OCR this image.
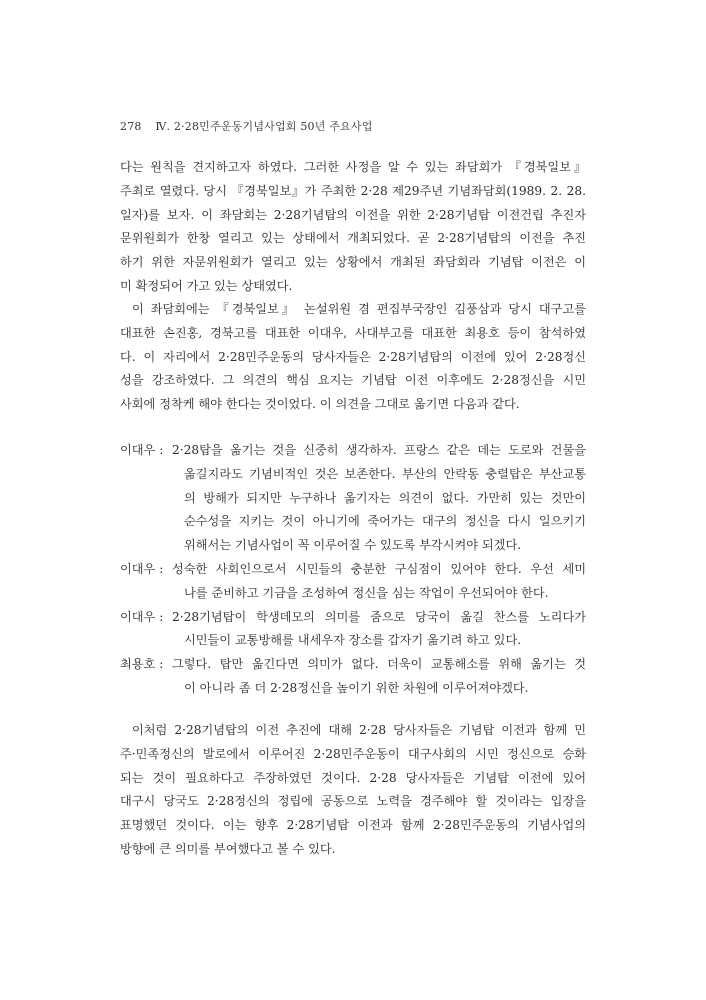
278 Ⅳ. 2·28민주운동기념사업회 50년 주요사업
다는 원칙을 견지하고자 하였다. 그러한 사정을 알 수 있는 좌담회가 『경북일보』
주최로 열렸다. 당시 『경북일보』가 주최한 2·28 제29주년 기념좌담회(1989. 2. 28.
일자)를 보자. 이 좌담회는 2·28기념탑의 이전을 위한 2·28기념탑 이전건립 추진자
문위원회가 한창 열리고 있는 상태에서 개최되었다. 곧 2·28기념탑의 이전을 추진
하기 위한 자문위원회가 열리고 있는 상황에서 개최된 좌담회라 기념탑 이전은 이
미 확정되어 가고 있는 상태였다.
이 좌담회에는 『경북일보』 논설위원 겸 편집부국장인 김풍삼과 당시 대구고를
대표한 손진홍, 경북고를 대표한 이대우, 사대부고를 대표한 최용호 등이 참석하였
다. 이 자리에서 2·28민주운동의 당사자들은 2·28기념탑의 이전에 있어 2·28정신
성을 강조하였다. 그 의견의 핵심 요지는 기념탑 이전 이후에도 2·28정신을 시민
사회에 정착케 해야 한다는 것이었다. 이 의견을 그대로 옮기면 다음과 같다.
이대우 : 2·28탑을 옮기는 것을 신중히 생각하자. 프랑스 같은 데는 도로와 건물을
옮길지라도 기념비적인 것은 보존한다. 부산의 안락동 충렬탑은 부산교통
의 방해가 되지만 누구하나 옮기자는 의견이 없다. 가만히 있는 것만이
순수성을 지키는 것이 아니기에 죽어가는 대구의 정신을 다시 일으키기
위해서는 기념사업이 꼭 이루어질 수 있도록 부각시켜야 되겠다.
이대우 : 성숙한 사회인으로서 시민들의 충분한 구심점이 있어야 한다. 우선 세미
나를 준비하고 기금을 조성하여 정신을 심는 작업이 우선되어야 한다.
이대우 : 2·28기념탑이 학생데모의 의미를 줌으로 당국이 옮길 찬스를 노리다가
시민들이 교통방해를 내세우자 장소를 갑자기 옮기려 하고 있다.
최용호 : 그렇다. 탑만 옮긴다면 의미가 없다. 더욱이 교통해소를 위해 옮기는 것
이 아니라 좀 더 2·28정신을 높이기 위한 차원에 이루어져야겠다.
이처럼 2·28기념탑의 이전 추진에 대해 2·28 당사자들은 기념탑 이전과 함께 민
주·민족정신의 발로에서 이루어진 2·28민주운동이 대구사회의 시민 정신으로 승화
되는 것이 필요하다고 주장하였던 것이다. 2·28 당사자들은 기념탑 이전에 있어
대구시 당국도 2·28정신의 정립에 공동으로 노력을 경주해야 할 것이라는 입장을
표명했던 것이다. 이는 향후 2·28기념탑 이전과 함께 2·28민주운동의 기념사업의
방향에 큰 의미를 부여했다고 볼 수 있다.
